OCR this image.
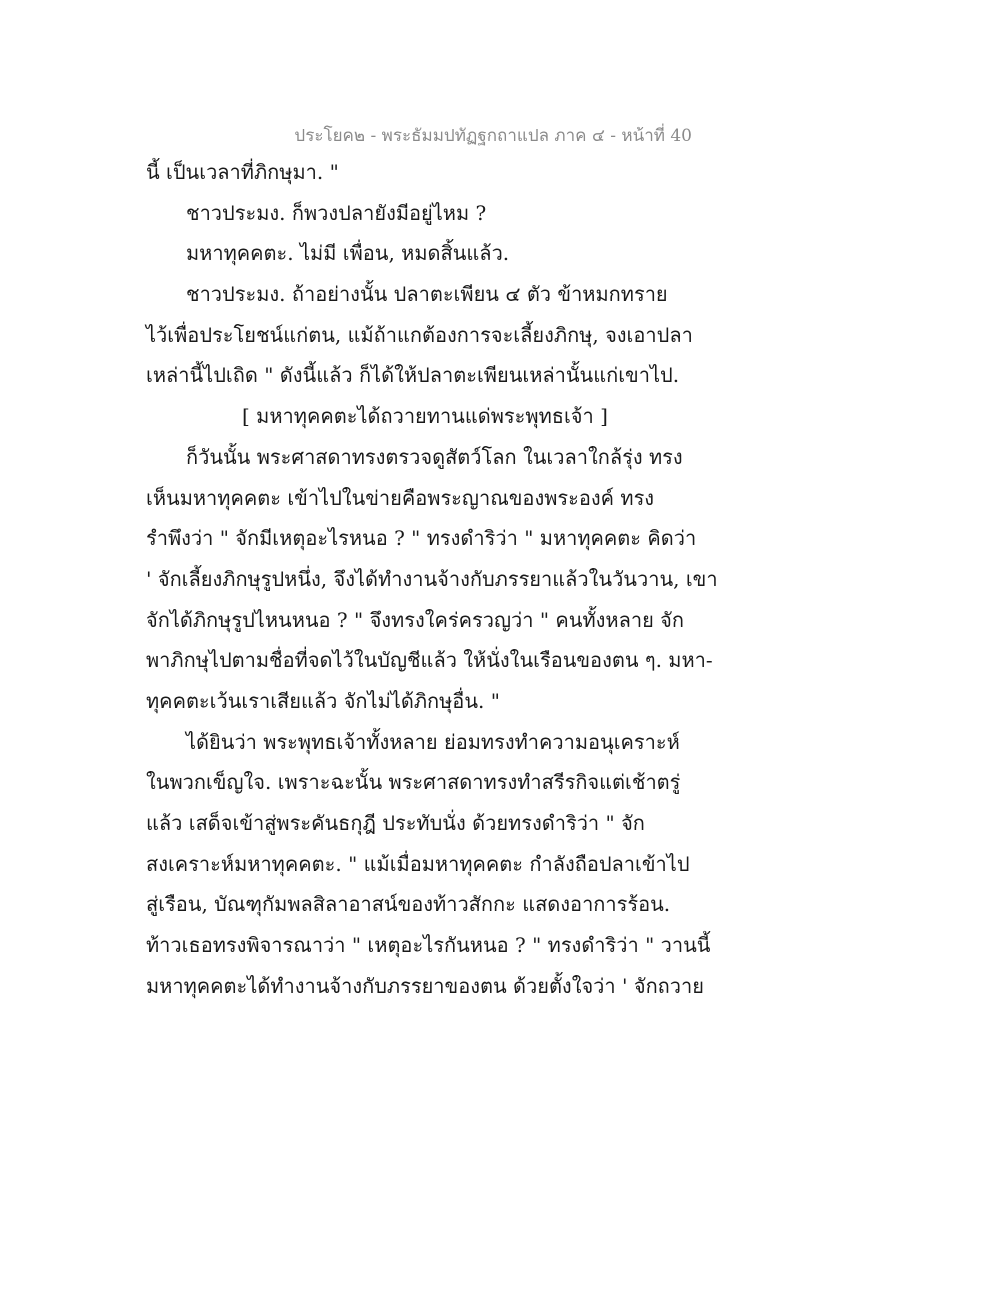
ประโยค๒ - พระธัมมปทัฏฐกถาแปล ภาค ๔ - หน้าที่ 40
นี้ เป็นเวลาที่ภิกษุมา. "
ชาวประมง. ก็พวงปลายังมีอยู่ไหม ?
มหาทุคคตะ. ไม่มี เพื่อน, หมดสิ้นแล้ว.
ชาวประมง. ถ้าอย่างนั้น ปลาตะเพียน ๔ ตัว ข้าหมกทราย
ไว้เพื่อประโยชน์แก่ตน, แม้ถ้าแกต้องการจะเลี้ยงภิกษุ, จงเอาปลา
เหล่านี้ไปเถิด " ดังนี้แล้ว ก็ได้ให้ปลาตะเพียนเหล่านั้นแก่เขาไป.
[ มหาทุคคตะได้ถวายทานแด่พระพุทธเจ้า ]
ก็วันนั้น พระศาสดาทรงตรวจดูสัตว์โลก ในเวลาใกล้รุ่ง ทรง
เห็นมหาทุคคตะ เข้าไปในข่ายคือพระญาณของพระองค์ ทรง
รำพึงว่า " จักมีเหตุอะไรหนอ ? " ทรงดำริว่า " มหาทุคคตะ คิดว่า
' จักเลี้ยงภิกษุรูปหนึ่ง, จึงได้ทำงานจ้างกับภรรยาแล้วในวันวาน, เขา
จักได้ภิกษุรูปไหนหนอ ? " จึงทรงใคร่ครวญว่า " คนทั้งหลาย จัก
พาภิกษุไปตามชื่อที่จดไว้ในบัญชีแล้ว ให้นั่งในเรือนของตน ๆ. มหา-
ทุคคตะเว้นเราเสียแล้ว จักไม่ได้ภิกษุอื่น. "
ได้ยินว่า พระพุทธเจ้าทั้งหลาย ย่อมทรงทำความอนุเคราะห์
ในพวกเข็ญใจ. เพราะฉะนั้น พระศาสดาทรงทำสรีรกิจแต่เช้าตรู่
แล้ว เสด็จเข้าสู่พระคันธกุฎี ประทับนั่ง ด้วยทรงดำริว่า " จัก
สงเคราะห์มหาทุคคตะ. " แม้เมื่อมหาทุคคตะ กำลังถือปลาเข้าไป
สู่เรือน, บัณฑุกัมพลสิลาอาสน์ของท้าวสักกะ แสดงอาการร้อน.
ท้าวเธอทรงพิจารณาว่า " เหตุอะไรกันหนอ ? " ทรงดำริว่า " วานนี้
มหาทุคคตะได้ทำงานจ้างกับภรรยาของตน ด้วยตั้งใจว่า ' จักถวาย
